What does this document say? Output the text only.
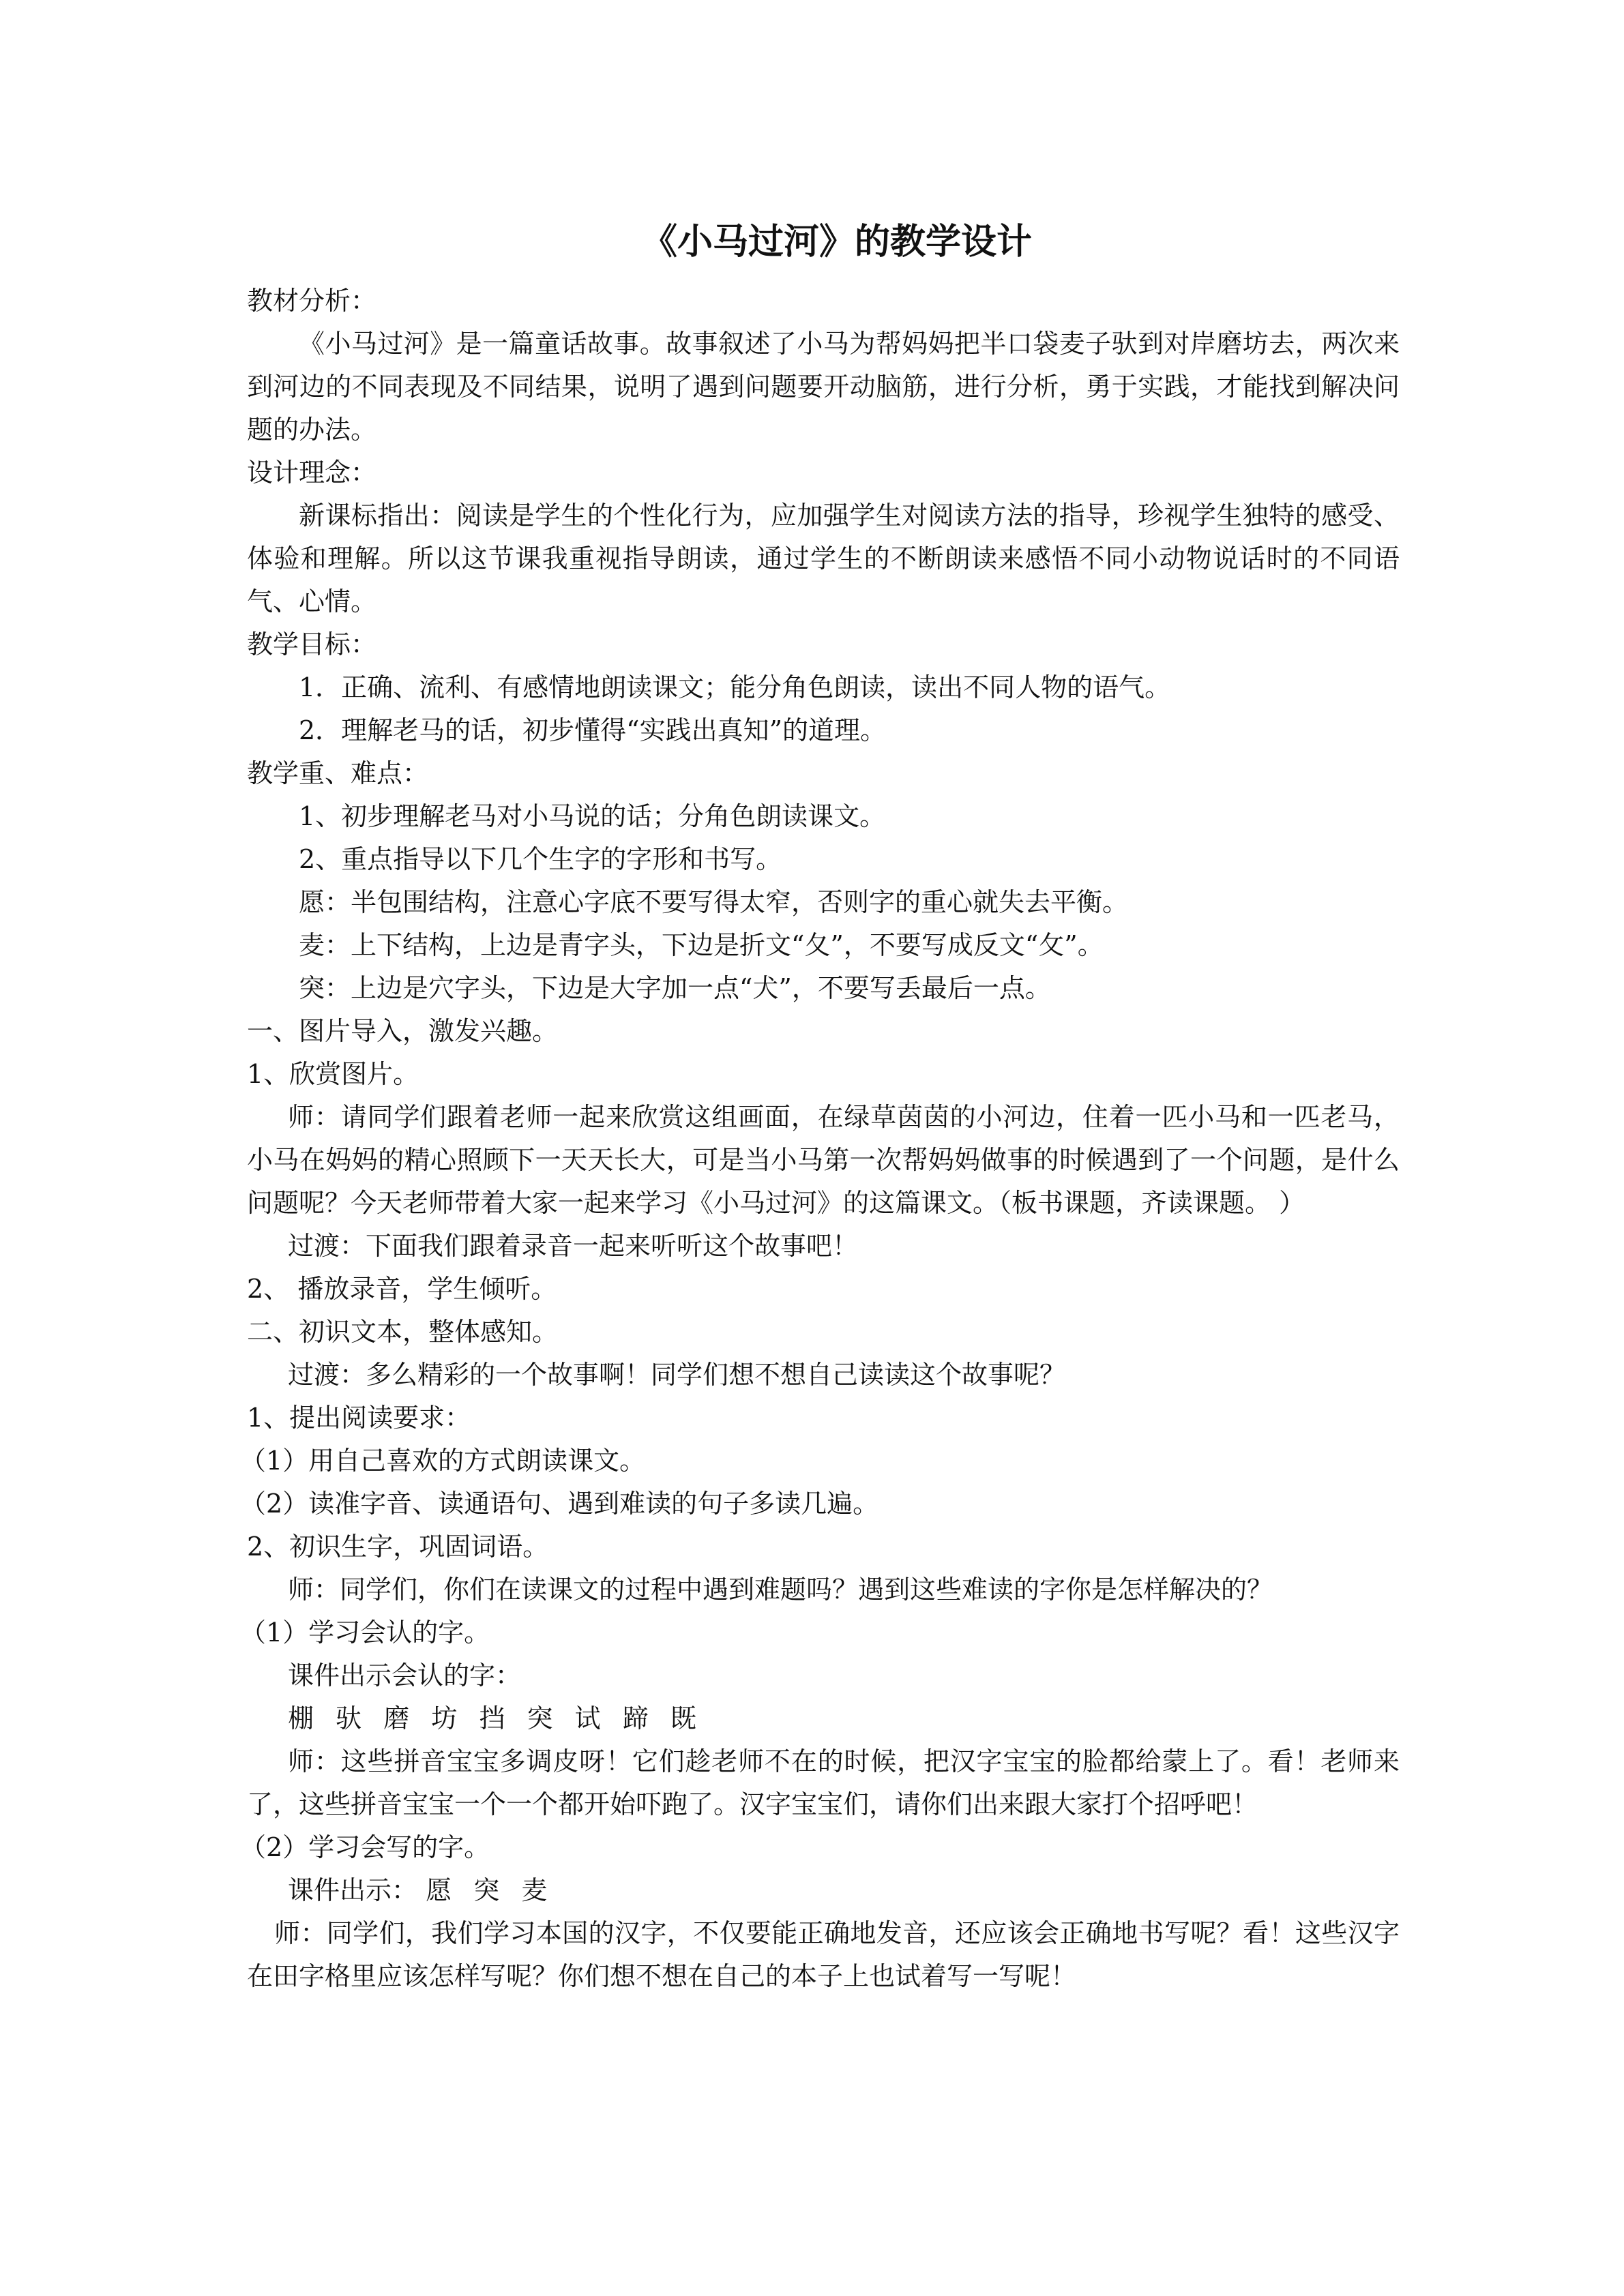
《小马过河》的教学设计
教材分析：
《小马过河》是一篇童话故事。故事叙述了小马为帮妈妈把半口袋麦子驮到对岸磨坊去，两次来到河边的不同表现及不同结果，说明了遇到问题要开动脑筋，进行分析，勇于实践，才能找到解决问题的办法。
设计理念：
新课标指出：阅读是学生的个性化行为，应加强学生对阅读方法的指导，珍视学生独特的感受、体验和理解。所以这节课我重视指导朗读，通过学生的不断朗读来感悟不同小动物说话时的不同语气、心情。
教学目标：
1．正确、流利、有感情地朗读课文；能分角色朗读，读出不同人物的语气。
2．理解老马的话，初步懂得“实践出真知”的道理。
教学重、难点：
1、初步理解老马对小马说的话；分角色朗读课文。
2、重点指导以下几个生字的字形和书写。
愿：半包围结构，注意心字底不要写得太窄，否则字的重心就失去平衡。
麦：上下结构，上边是青字头，下边是折文“夂”，不要写成反文“攵”。
突：上边是穴字头，下边是大字加一点“犬”，不要写丢最后一点。
一、图片导入，激发兴趣。
1、欣赏图片。
师：请同学们跟着老师一起来欣赏这组画面，在绿草茵茵的小河边，住着一匹小马和一匹老马，小马在妈妈的精心照顾下一天天长大，可是当小马第一次帮妈妈做事的时候遇到了一个问题，是什么问题呢？今天老师带着大家一起来学习《小马过河》的这篇课文。（板书课题，齐读课题。 ）
过渡：下面我们跟着录音一起来听听这个故事吧！
2、 播放录音，学生倾听。
二、初识文本，整体感知。
过渡：多么精彩的一个故事啊！同学们想不想自己读读这个故事呢？
1、提出阅读要求：
（1）用自己喜欢的方式朗读课文。
（2）读准字音、读通语句、遇到难读的句子多读几遍。
2、初识生字，巩固词语。
师：同学们，你们在读课文的过程中遇到难题吗？遇到这些难读的字你是怎样解决的？
（1）学习会认的字。
课件出示会认的字：
棚 驮 磨 坊 挡 突 试 蹄 既
师：这些拼音宝宝多调皮呀！它们趁老师不在的时候，把汉字宝宝的脸都给蒙上了。看！老师来了，这些拼音宝宝一个一个都开始吓跑了。汉字宝宝们，请你们出来跟大家打个招呼吧！
（2）学习会写的字。
课件出示： 愿 突 麦
师：同学们，我们学习本国的汉字，不仅要能正确地发音，还应该会正确地书写呢？看！这些汉字在田字格里应该怎样写呢？你们想不想在自己的本子上也试着写一写呢！
